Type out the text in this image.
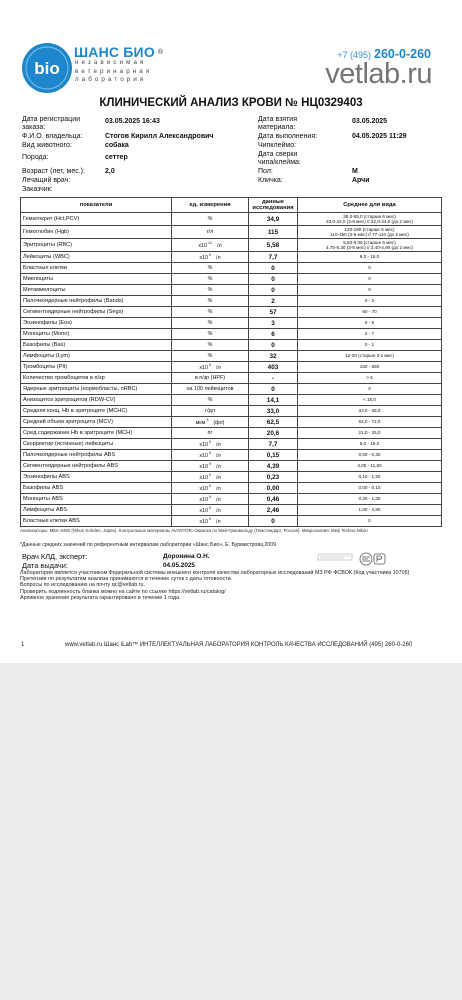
bio
ШАНС БИО ®
независимая
ветеринарная
лаборатория
+7 (495) 260-0-260
vetlab.ru
КЛИНИЧЕСКИЙ АНАЛИЗ КРОВИ № НЦ0329403
Дата регистрации
заказа:
03.05.2025 16:43
Ф.И.О. владельца:	Стогов Кирилл Александрович
Вид животного:	собака
Порода:	сеттер
Возраст (лет, мес.):	2,0
Лечащий врач:
Заказчик:
Дата взятия
материала:
03.05.2025
Дата выполнения:	04.05.2025 11:29
Чипклеймо:
Дата сверки
чипа/клейма:
Пол:	М
Кличка:	Арчи
показатели	ед. измерения	данные
исследования	Среднее для вида
Гематокрит (Hct,PCV)	%	34,9	38,0-55,0 (старше 6 мес)
33,0-42,0 (3-6 мес) // 22,0-34,0 (до 2 мес)

Гемоглобин (Hgb)	г/л	115	120-180 (старше 6 мес)
110-150 (3-6 мес) // 77-110 (до 2 мес)

Эритроциты (RBC)	$x10^{12}$ /л	5,58	5,50-8,00 (старше 6 мес)
4,70-6,30 (3-6 мес) // 3,40-4,90 (до 2 мес)

Лейкоциты (WBC)	$x10^9$ /л	7,7	6,0 - 16,0

Бластные клетки	%	0	0

Миелоциты	%	0	0

Метамиелоциты	%	0	0

Палочкоядерные нейтрофилы (Bands)	%	2	0 - 3

Сегментоядерные нейтрофилы (Segs)	%	57	60 - 70

Эозинофилы (Eos)	%	3	0 - 5

Моноциты (Mono)	%	6	2 - 7

Базофилы (Bas)	%	0	0 - 1

Лимфоциты (Lym)	%	32	12-30 (старше 3-х мес)

Тромбоциты (Plt)	$x10^9$ /л	403	160 - 550

Количество тромбоцитов в п/зр	в п/зр (HPF)	-	> 5

Ядерные эритроциты (нормобласты, nRBC)	на 100 лейкоцитов	0	0

Анизоцитоз эритроцитов (RDW-CV)	%	14,1	< 16,0

Средняя конц. Hb в эритроците (MCHC)	г/дл	33,0	33,0 - 36,0

Средний объем эритроцита (MCV)	мкм$^3$ (фл)	62,5	62,0 - 72,0

Сред.содержание Hb в эритроците (MCH)	пг	20,6	21,0 - 26,0

Скорректир (истинные) лейкоциты	$x10^9$ /л	7,7	6,0 - 16,0

Палочкоядерные нейтрофилы ABS	$x10^9$ /л	0,15	0,00 - 0,30

Сегментоядерные нейтрофилы ABS	$x10^9$ /л	4,39	3,00 - 11,50

Эозинофилы ABS	$x10^9$ /л	0,23	0,10 - 1,50

Базофилы ABS	$x10^9$ /л	0,00	0,00 - 0,10

Моноциты ABS	$x10^9$ /л	0,46	0,20 - 1,30

Лимфоциты ABS	$x10^9$ /л	2,46	1,00 - 4,80

Бластные клетки ABS	$x10^9$ /л	0	0
Анализаторы: MEK 6450 (Nihon Kohden, Japan). Контрольные материалы AVANTOR. Окраска по Май-Грюнвальду (Гемстандарт, Россия). Микроскопия: Meiji Techno Nikon
*Данные средних значений по референтным интервалам лаборатории «Шанс Био», Е. Бурмистрова,2009.
Врач КЛД, эксперт:	Доронина О.Н.
Дата выдачи:	04.05.2025
Лаборатория является участником Федеральной системы внешнего контроля качества лабораторных исследований МЗ РФ ФСВОК (Код участника 10705)
Претензии по результатам анализа принимаются в течение суток с даты готовности.
Вопросы по исследованию на почту qc@vetlab.ru.
Проверить подлинность бланка можно на сайте по ссылке https://vetlab.ru/catalog/
Архивное хранение результата гарантировано в течение 1 года.
1	www.vetlab.ru Шанс iLab™ ИНТЕЛЛЕКТУАЛЬНАЯ ЛАБОРАТОРИЯ КОНТРОЛЬ КАЧЕСТВА ИССЛЕДОВАНИЙ (495) 260-0-260
